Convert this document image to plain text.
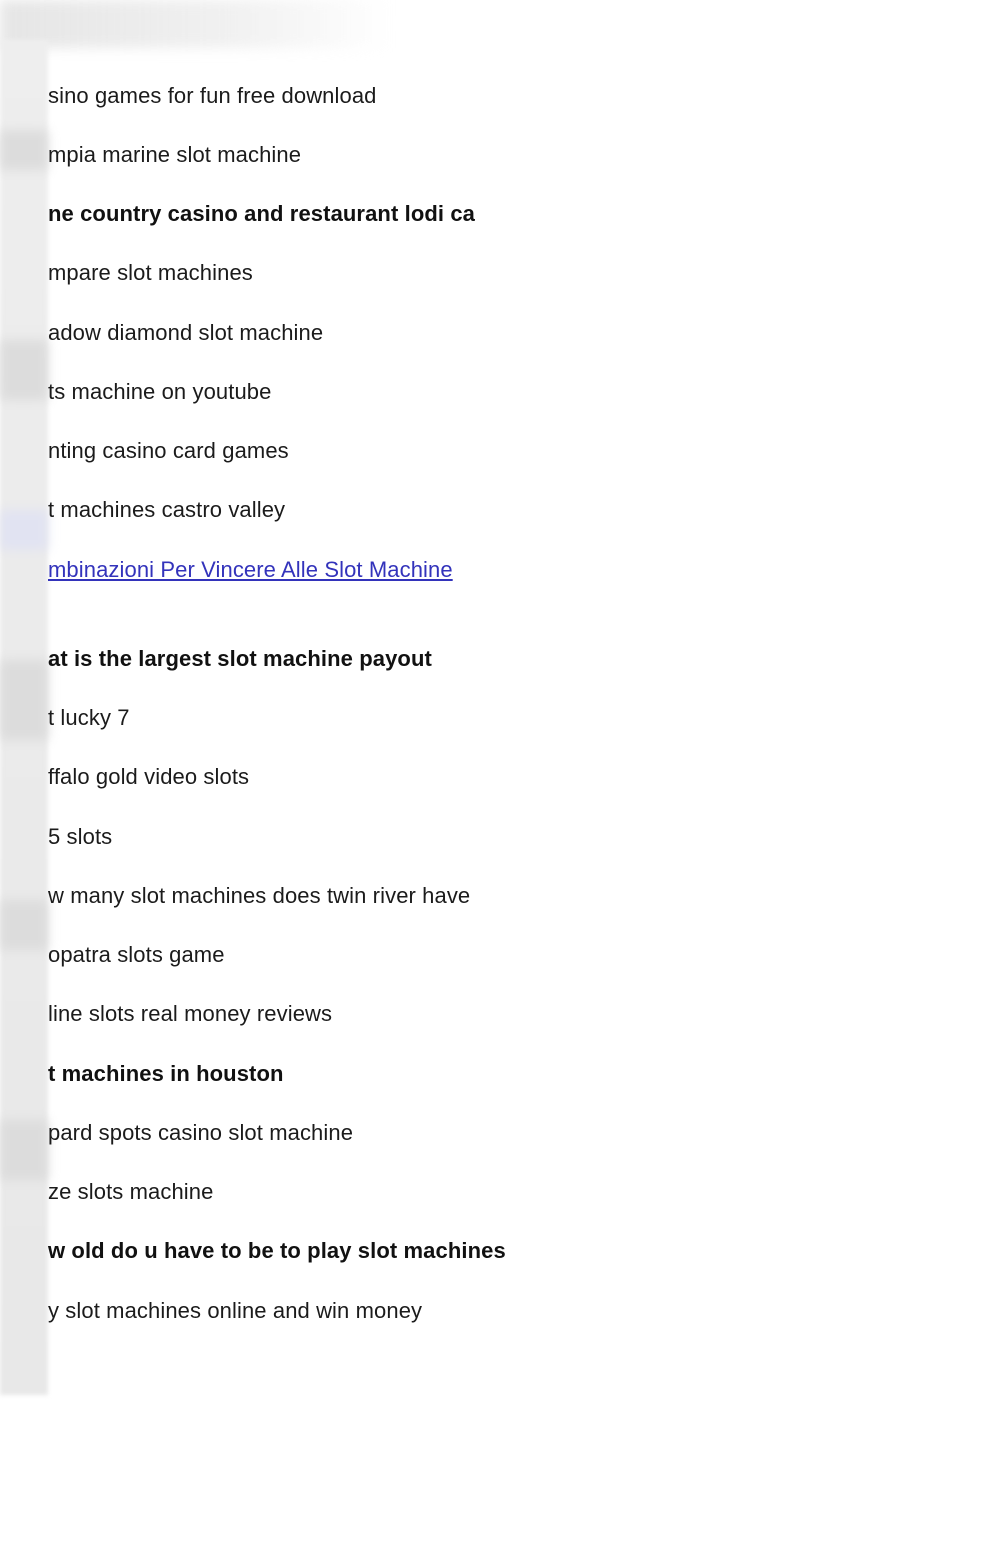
sino games for fun free download
mpia marine slot machine
ne country casino and restaurant lodi ca
mpare slot machines
adow diamond slot machine
ts machine on youtube
nting casino card games
t machines castro valley
mbinazioni Per Vincere Alle Slot Machine
at is the largest slot machine payout
t lucky 7
ffalo gold video slots
5 slots
w many slot machines does twin river have
opatra slots game
line slots real money reviews
t machines in houston
pard spots casino slot machine
ze slots machine
w old do u have to be to play slot machines
y slot machines online and win money
